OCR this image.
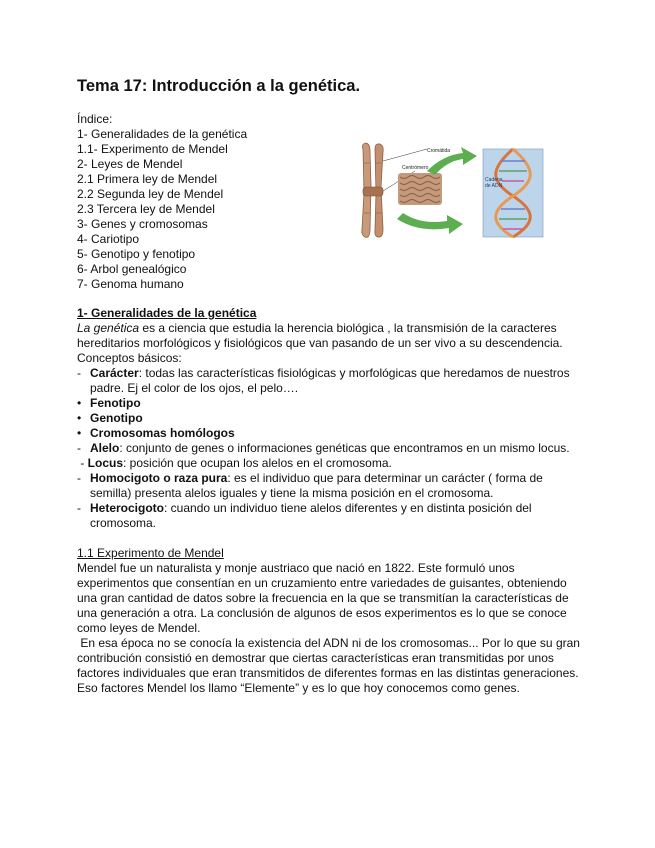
Tema 17: Introducción a la genética.
Índice:
1- Generalidades de la genética
1.1- Experimento de Mendel
2- Leyes de Mendel
2.1 Primera ley de Mendel
2.2 Segunda ley de Mendel
2.3 Tercera ley de Mendel
3- Genes y cromosomas
4- Cariotipo
5- Genotipo y fenotipo
6- Arbol genealógico
7- Genoma humano
Cromátida
Centrómero
Cadena
de ADN

1- Generalidades de la genética

La genética es a ciencia que estudia la herencia biológica , la transmisión de la caracteres hereditarios morfológicos y fisiológicos que van pasando de un ser vivo a su descendencia.

Conceptos básicos:

- Carácter: todas las características fisiológicas y morfológicas que heredamos de nuestros padre. Ej el color de los ojos, el pelo….
• Fenotipo
• Genotipo
• Cromosomas homólogos
- Alelo: conjunto de genes o informaciones genéticas que encontramos en un mismo locus.
- Locus: posición que ocupan los alelos en el cromosoma.
- Homocigoto o raza pura: es el individuo que para determinar un carácter ( forma de semilla) presenta alelos iguales y tiene la misma posición en el cromosoma.
- Heterocigoto: cuando un individuo tiene alelos diferentes y en distinta posición del cromosoma.

1.1 Experimento de Mendel

Mendel fue un naturalista y monje austriaco que nació en 1822. Este formuló unos experimentos que consentían en un cruzamiento entre variedades de guisantes, obteniendo una gran cantidad de datos sobre la frecuencia en la que se transmitían la características de una generación a otra. La conclusión de algunos de esos experimentos es lo que se conoce como leyes de Mendel.

En esa época no se conocía la existencia del ADN ni de los cromosomas... Por lo que su gran contribución consistió en demostrar que ciertas características eran transmitidas por unos factores individuales que eran transmitidos de diferentes formas en las distintas generaciones. Eso factores Mendel los llamo “Elemente” y es lo que hoy conocemos como genes.
